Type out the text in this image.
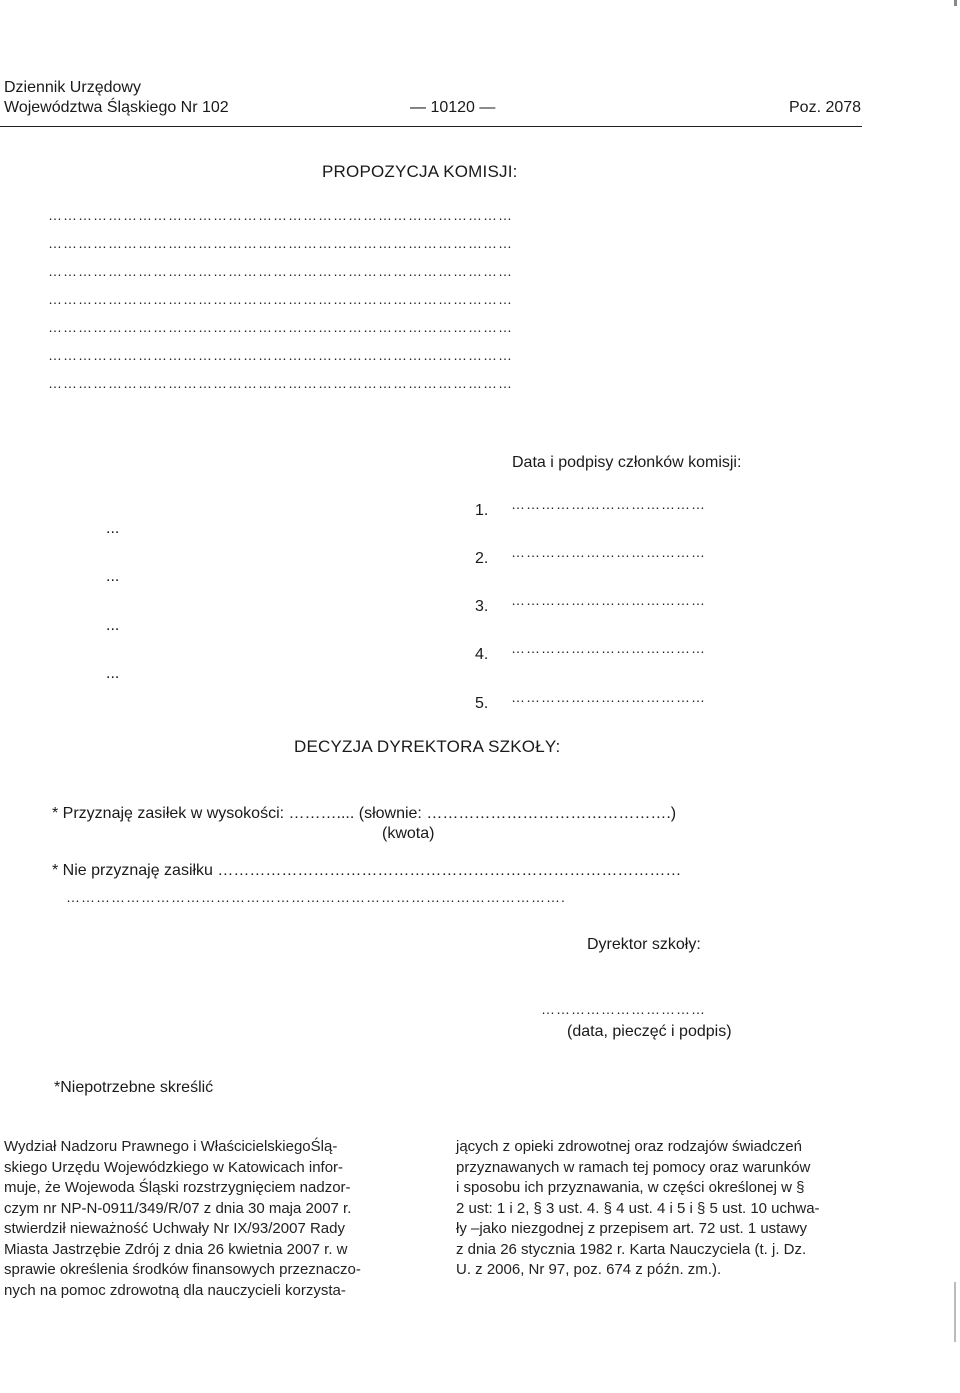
Dziennik Urzędowy
Województwa Śląskiego Nr 102	— 10120 —	Poz. 2078
PROPOZYCJA KOMISJI:
…………………………………………………………………………………
…………………………………………………………………………………
…………………………………………………………………………………
…………………………………………………………………………………
…………………………………………………………………………………
…………………………………………………………………………………
…………………………………………………………………………………
Data i podpisy członków komisji:
...
...
...
...
1. …………………………………
2. …………………………………
3. …………………………………
4. …………………………………
5. …………………………………
DECYZJA DYREKTORA SZKOŁY:
* Przyznaję zasiłek w wysokości: ……….... (słownie: ……………………………………….)
(kwota)
* Nie przyznaję zasiłku ……………………………………………………………………………
……………………………………………………………………………………….
Dyrektor szkoły:
……………………………
(data, pieczęć i podpis)
*Niepotrzebne skreślić
Wydział Nadzoru Prawnego i WłaścicielskiegoŚlą-
skiego Urzędu Wojewódzkiego w Katowicach infor-
muje, że Wojewoda Śląski rozstrzygnięciem nadzor-
czym nr NP-N-0911/349/R/07 z dnia 30 maja 2007 r.
stwierdził nieważność Uchwały Nr IX/93/2007 Rady
Miasta Jastrzębie Zdrój z dnia 26 kwietnia 2007 r. w
sprawie określenia środków finansowych przeznaczo-
nych na pomoc zdrowotną dla nauczycieli korzysta-
jących z opieki zdrowotnej oraz rodzajów świadczeń
przyznawanych w ramach tej pomocy oraz warunków
i sposobu ich przyznawania, w części określonej w §
2 ust: 1 i 2, § 3 ust. 4. § 4 ust. 4 i 5 i § 5 ust. 10 uchwa-
ły –jako niezgodnej z przepisem art. 72 ust. 1 ustawy
z dnia 26 stycznia 1982 r. Karta Nauczyciela (t. j. Dz.
U. z 2006, Nr 97, poz. 674 z późn. zm.).
